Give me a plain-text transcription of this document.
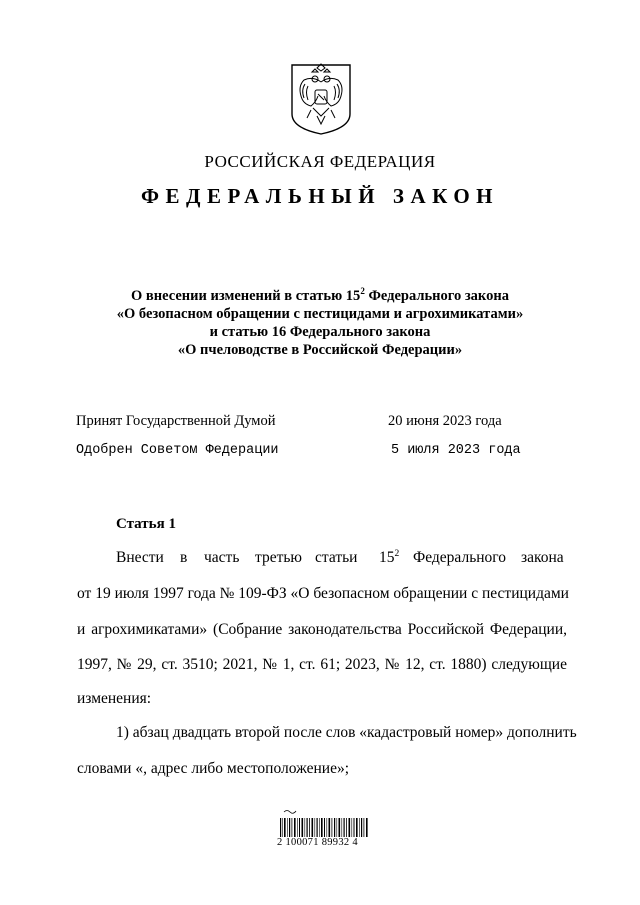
РОССИЙСКАЯ ФЕДЕРАЦИЯ
ФЕДЕРАЛЬНЫЙ ЗАКОН
О внесении изменений в статью $15^2$ Федерального закона
«О безопасном обращении с пестицидами и агрохимикатами»
и статью 16 Федерального закона
«О пчеловодстве в Российской Федерации»
Принят Государственной Думой	20 июня 2023 года
Одобрен Советом Федерации	5 июля 2023 года
Статья 1
Внести в часть третью статьи $15^2$ Федерального закона
от 19 июля 1997 года № 109-ФЗ «О безопасном обращении с пестицидами
и агрохимикатами» (Собрание законодательства Российской Федерации,
1997, № 29, ст. 3510; 2021, № 1, ст. 61; 2023, № 12, ст. 1880) следующие
изменения:
1) абзац двадцать второй после слов «кадастровый номер» дополнить
словами «, адрес либо местоположение»;
2 100071 89932 4
